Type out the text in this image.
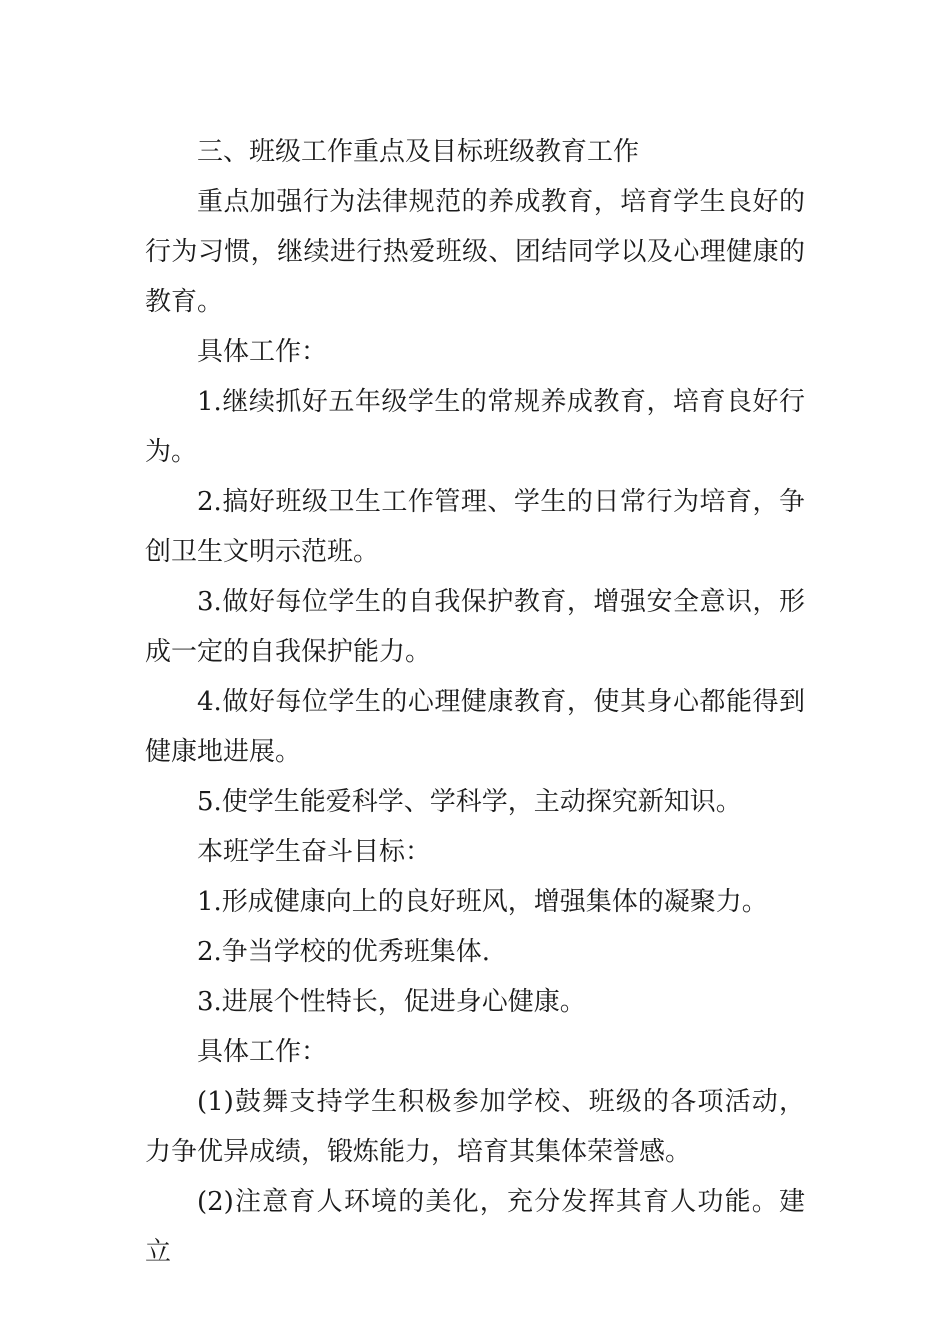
三、班级工作重点及目标班级教育工作

重点加强行为法律规范的养成教育，培育学生良好的行为习惯，继续进行热爱班级、团结同学以及心理健康的教育。

具体工作：

1.继续抓好五年级学生的常规养成教育，培育良好行为。

2.搞好班级卫生工作管理、学生的日常行为培育，争创卫生文明示范班。

3.做好每位学生的自我保护教育，增强安全意识，形成一定的自我保护能力。

4.做好每位学生的心理健康教育，使其身心都能得到健康地进展。

5.使学生能爱科学、学科学，主动探究新知识。

本班学生奋斗目标：

1.形成健康向上的良好班风，增强集体的凝聚力。

2.争当学校的优秀班集体.

3.进展个性特长，促进身心健康。

具体工作：

(1)鼓舞支持学生积极参加学校、班级的各项活动，力争优异成绩，锻炼能力，培育其集体荣誉感。

(2)注意育人环境的美化，充分发挥其育人功能。建立
